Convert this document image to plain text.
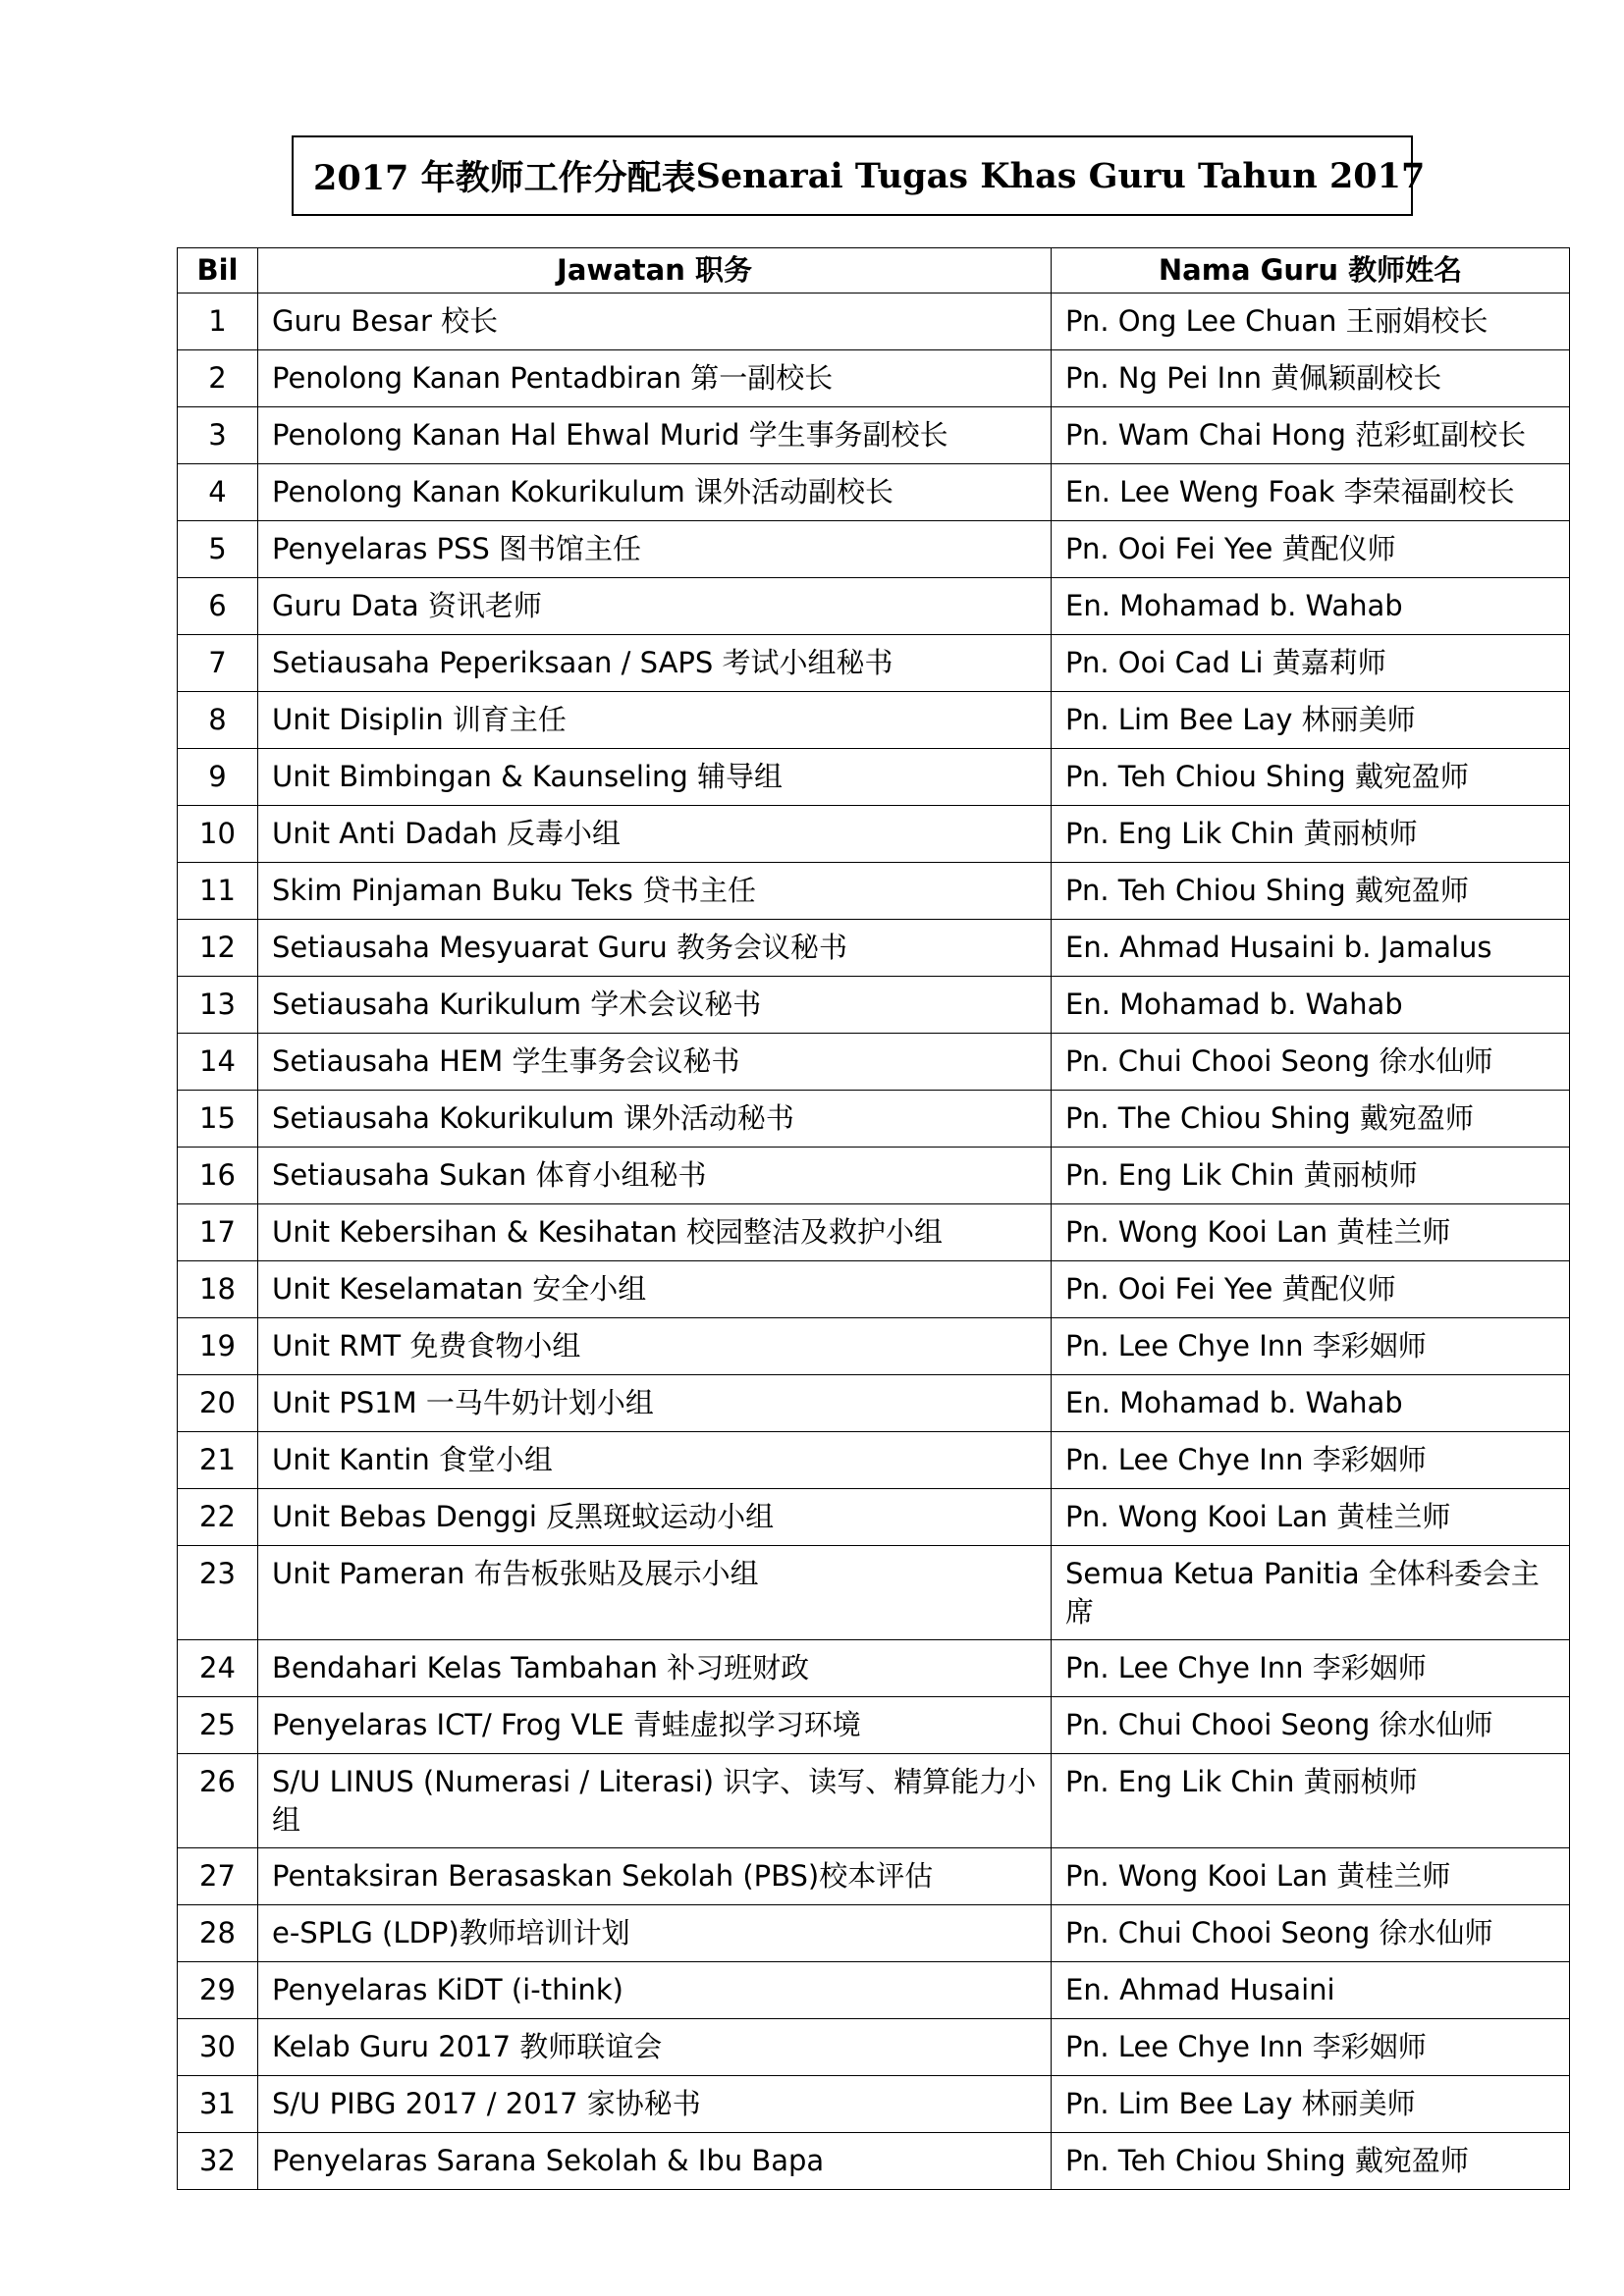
2017 年教师工作分配表 Senarai Tugas Khas Guru Tahun 2017
Bil	Jawatan 职务	Nama Guru 教师姓名
1	Guru Besar 校长	Pn. Ong Lee Chuan 王丽娟校长
2	Penolong Kanan Pentadbiran 第一副校长	Pn. Ng Pei Inn 黄佩颖副校长
3	Penolong Kanan Hal Ehwal Murid 学生事务副校长	Pn. Wam Chai Hong 范彩虹副校长
4	Penolong Kanan Kokurikulum 课外活动副校长	En. Lee Weng Foak 李荣福副校长
5	Penyelaras PSS 图书馆主任	Pn. Ooi Fei Yee 黄配仪师
6	Guru Data 资讯老师	En. Mohamad b. Wahab
7	Setiausaha Peperiksaan / SAPS 考试小组秘书	Pn. Ooi Cad Li 黄嘉莉师
8	Unit Disiplin 训育主任	Pn. Lim Bee Lay 林丽美师
9	Unit Bimbingan & Kaunseling 辅导组	Pn. Teh Chiou Shing 戴宛盈师
10	Unit Anti Dadah 反毒小组	Pn. Eng Lik Chin 黄丽桢师
11	Skim Pinjaman Buku Teks 贷书主任	Pn. Teh Chiou Shing 戴宛盈师
12	Setiausaha Mesyuarat Guru 教务会议秘书	En. Ahmad Husaini b. Jamalus
13	Setiausaha Kurikulum 学术会议秘书	En. Mohamad b. Wahab
14	Setiausaha HEM 学生事务会议秘书	Pn. Chui Chooi Seong 徐水仙师
15	Setiausaha Kokurikulum 课外活动秘书	Pn. The Chiou Shing 戴宛盈师
16	Setiausaha Sukan 体育小组秘书	Pn. Eng Lik Chin 黄丽桢师
17	Unit Kebersihan & Kesihatan 校园整洁及救护小组	Pn. Wong Kooi Lan 黄桂兰师
18	Unit Keselamatan 安全小组	Pn. Ooi Fei Yee 黄配仪师
19	Unit RMT 免费食物小组	Pn. Lee Chye Inn 李彩姻师
20	Unit PS1M 一马牛奶计划小组	En. Mohamad b. Wahab
21	Unit Kantin 食堂小组	Pn. Lee Chye Inn 李彩姻师
22	Unit Bebas Denggi 反黑斑蚊运动小组	Pn. Wong Kooi Lan 黄桂兰师
23	Unit Pameran 布告板张贴及展示小组	Semua Ketua Panitia 全体科委会主席
24	Bendahari Kelas Tambahan 补习班财政	Pn. Lee Chye Inn 李彩姻师
25	Penyelaras ICT/ Frog VLE 青蛙虚拟学习环境	Pn. Chui Chooi Seong 徐水仙师
26	S/U LINUS (Numerasi / Literasi) 识字、读写、精算能力小组	Pn. Eng Lik Chin 黄丽桢师
27	Pentaksiran Berasaskan Sekolah (PBS)校本评估	Pn. Wong Kooi Lan 黄桂兰师
28	e-SPLG (LDP)教师培训计划	Pn. Chui Chooi Seong 徐水仙师
29	Penyelaras KiDT (i-think)	En. Ahmad Husaini
30	Kelab Guru 2017 教师联谊会	Pn. Lee Chye Inn 李彩姻师
31	S/U PIBG 2017 / 2017 家协秘书	Pn. Lim Bee Lay 林丽美师
32	Penyelaras Sarana Sekolah & Ibu Bapa	Pn. Teh Chiou Shing 戴宛盈师
